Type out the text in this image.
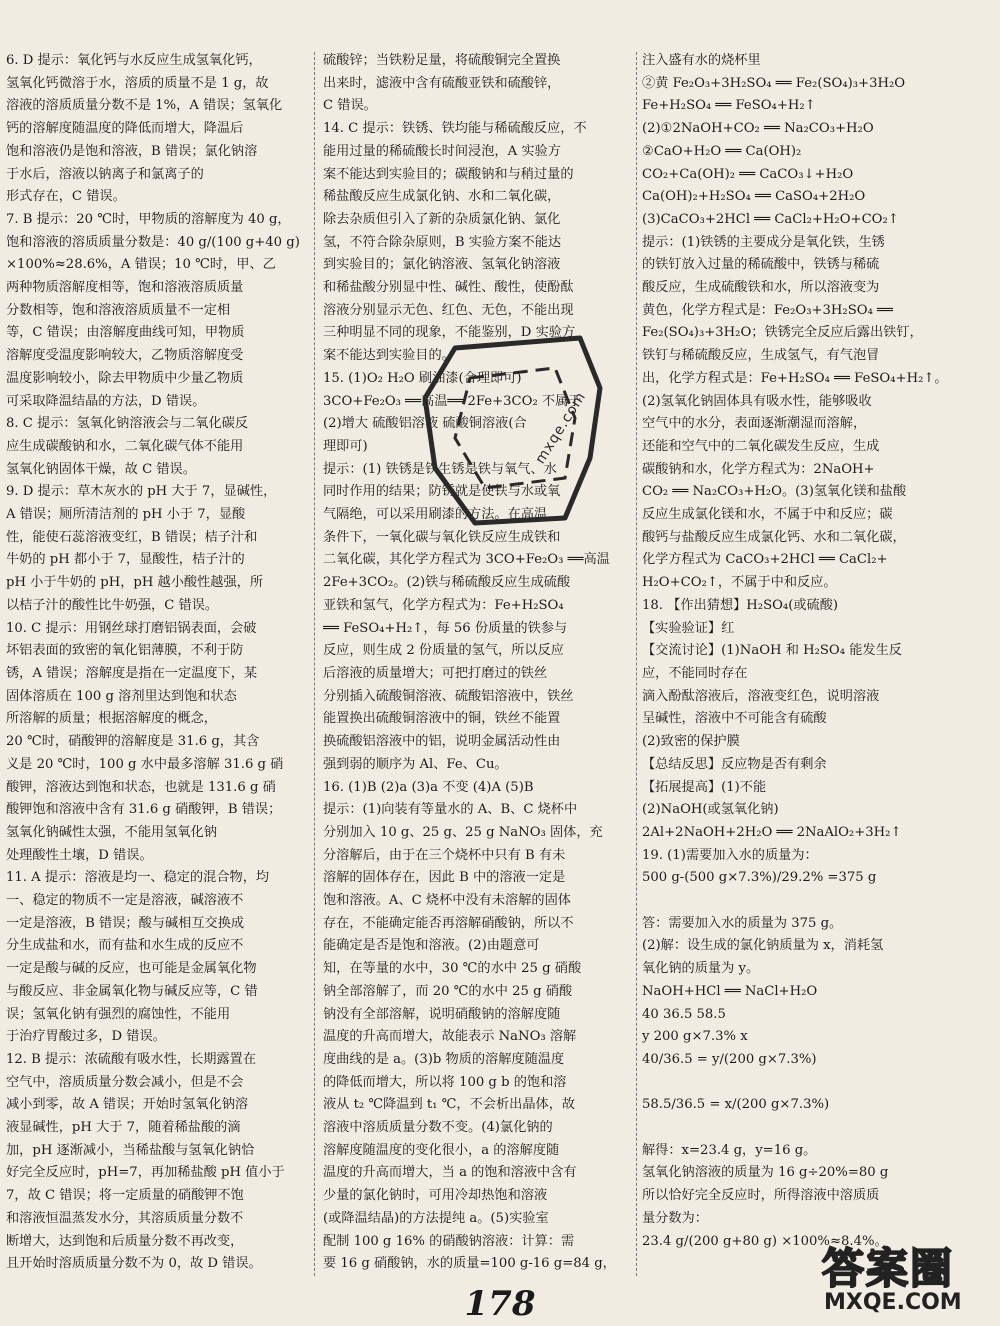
6. D 提示：氧化钙与水反应生成氢氧化钙，
氢氧化钙微溶于水，溶质的质量不是 1 g，故
溶液的溶质质量分数不是 1%，A 错误；氢氧化
钙的溶解度随温度的降低而增大，降温后
饱和溶液仍是饱和溶液，B 错误；氯化钠溶
于水后，溶液以钠离子和氯离子的
形式存在，C 错误。
7. B 提示：20 ℃时，甲物质的溶解度为 40 g，
饱和溶液的溶质质量分数是：40 g/(100 g+40 g)
×100%≈28.6%，A 错误；10 ℃时，甲、乙
两种物质溶解度相等，饱和溶液溶质质量
分数相等，饱和溶液溶质质量不一定相
等，C 错误；由溶解度曲线可知，甲物质
溶解度受温度影响较大，乙物质溶解度受
温度影响较小，除去甲物质中少量乙物质
可采取降温结晶的方法，D 错误。
8. C 提示：氢氧化钠溶液会与二氧化碳反
应生成碳酸钠和水，二氧化碳气体不能用
氢氧化钠固体干燥，故 C 错误。
9. D 提示：草木灰水的 pH 大于 7，显碱性，
A 错误；厕所清洁剂的 pH 小于 7，显酸
性，能使石蕊溶液变红，B 错误；桔子汁和
牛奶的 pH 都小于 7，显酸性，桔子汁的
pH 小于牛奶的 pH，pH 越小酸性越强，所
以桔子汁的酸性比牛奶强，C 错误。
10. C 提示：用钢丝球打磨铝锅表面，会破
坏铝表面的致密的氧化铝薄膜，不利于防
锈，A 错误；溶解度是指在一定温度下，某
固体溶质在 100 g 溶剂里达到饱和状态
所溶解的质量；根据溶解度的概念，
20 ℃时，硝酸钾的溶解度是 31.6 g，其含
义是 20 ℃时，100 g 水中最多溶解 31.6 g 硝
酸钾，溶液达到饱和状态，也就是 131.6 g 硝
酸钾饱和溶液中含有 31.6 g 硝酸钾，B 错误；
氢氧化钠碱性太强，不能用氢氧化钠
处理酸性土壤，D 错误。
11. A 提示：溶液是均一、稳定的混合物，均
一、稳定的物质不一定是溶液，碱溶液不
一定是溶液，B 错误；酸与碱相互交换成
分生成盐和水，而有盐和水生成的反应不
一定是酸与碱的反应，也可能是金属氧化物
与酸反应、非金属氧化物与碱反应等，C 错
误；氢氧化钠有强烈的腐蚀性，不能用
于治疗胃酸过多，D 错误。
12. B 提示：浓硫酸有吸水性，长期露置在
空气中，溶质质量分数会减小，但是不会
减小到零，故 A 错误；开始时氢氧化钠溶
液显碱性，pH 大于 7，随着稀盐酸的滴
加，pH 逐渐减小，当稀盐酸与氢氧化钠恰
好完全反应时，pH=7，再加稀盐酸 pH 值小于
7，故 C 错误；将一定质量的硝酸钾不饱
和溶液恒温蒸发水分，其溶质质量分数不
断增大，达到饱和后质量分数不再改变，
且开始时溶质质量分数不为 0，故 D 错误。
硫酸锌；当铁粉足量，将硫酸铜完全置换
出来时，滤液中含有硫酸亚铁和硫酸锌，
C 错误。
14. C 提示：铁锈、铁均能与稀硫酸反应，不
能用过量的稀硫酸长时间浸泡，A 实验方
案不能达到实验目的；碳酸钠和与稍过量的
稀盐酸反应生成氯化钠、水和二氧化碳，
除去杂质但引入了新的杂质氯化钠、氯化
氢，不符合除杂原则，B 实验方案不能达
到实验目的；氯化钠溶液、氢氧化钠溶液
和稀盐酸分别显中性、碱性、酸性，使酚酞
溶液分别显示无色、红色、无色，不能出现
三种明显不同的现象，不能鉴别，D 实验方
案不能达到实验目的。
15. (1)O₂ H₂O 刷油漆(合理即可)
3CO+Fe₂O₃ ══高温══ 2Fe+3CO₂ 不属于
(2)增大 硫酸铝溶液 硫酸铜溶液(合
理即可)
提示：(1) 铁锈是铁生锈是铁与氧气、水
同时作用的结果；防锈就是使铁与水或氧
气隔绝，可以采用刷漆的方法。在高温
条件下，一氧化碳与氧化铁反应生成铁和
二氧化碳，其化学方程式为 3CO+Fe₂O₃ ══高温
2Fe+3CO₂。(2)铁与稀硫酸反应生成硫酸
亚铁和氢气，化学方程式为：Fe+H₂SO₄
══ FeSO₄+H₂↑，每 56 份质量的铁参与
反应，则生成 2 份质量的氢气，所以反应
后溶液的质量增大；可把打磨过的铁丝
分别插入硫酸铜溶液、硫酸铝溶液中，铁丝
能置换出硫酸铜溶液中的铜，铁丝不能置
换硫酸铝溶液中的铝，说明金属活动性由
强到弱的顺序为 Al、Fe、Cu。
16. (1)B (2)a (3)a 不变 (4)A (5)B
提示：(1)向装有等量水的 A、B、C 烧杯中
分别加入 10 g、25 g、25 g NaNO₃ 固体，充
分溶解后，由于在三个烧杯中只有 B 有未
溶解的固体存在，因此 B 中的溶液一定是
饱和溶液。A、C 烧杯中没有未溶解的固体
存在，不能确定能否再溶解硝酸钠，所以不
能确定是否是饱和溶液。(2)由题意可
知，在等量的水中，30 ℃的水中 25 g 硝酸
钠全部溶解了，而 20 ℃的水中 25 g 硝酸
钠没有全部溶解，说明硝酸钠的溶解度随
温度的升高而增大，故能表示 NaNO₃ 溶解
度曲线的是 a。(3)b 物质的溶解度随温度
的降低而增大，所以将 100 g b 的饱和溶
液从 t₂ ℃降温到 t₁ ℃，不会析出晶体，故
溶液中溶质质量分数不变。(4)氯化钠的
溶解度随温度的变化很小，a 的溶解度随
温度的升高而增大，当 a 的饱和溶液中含有
少量的氯化钠时，可用冷却热饱和溶液
(或降温结晶)的方法提纯 a。(5)实验室
配制 100 g 16% 的硝酸钠溶液：计算：需
要 16 g 硝酸钠，水的质量=100 g-16 g=84 g，
注入盛有水的烧杯里
②黄 Fe₂O₃+3H₂SO₄ ══ Fe₂(SO₄)₃+3H₂O
Fe+H₂SO₄ ══ FeSO₄+H₂↑
(2)①2NaOH+CO₂ ══ Na₂CO₃+H₂O
②CaO+H₂O ══ Ca(OH)₂
CO₂+Ca(OH)₂ ══ CaCO₃↓+H₂O
Ca(OH)₂+H₂SO₄ ══ CaSO₄+2H₂O
(3)CaCO₃+2HCl ══ CaCl₂+H₂O+CO₂↑
提示：(1)铁锈的主要成分是氧化铁，生锈
的铁钉放入过量的稀硫酸中，铁锈与稀硫
酸反应，生成硫酸铁和水，所以溶液变为
黄色，化学方程式是：Fe₂O₃+3H₂SO₄ ══
Fe₂(SO₄)₃+3H₂O；铁锈完全反应后露出铁钉，
铁钉与稀硫酸反应，生成氢气，有气泡冒
出，化学方程式是：Fe+H₂SO₄ ══ FeSO₄+H₂↑。
(2)氢氧化钠固体具有吸水性，能够吸收
空气中的水分，表面逐渐潮湿而溶解，
还能和空气中的二氧化碳发生反应，生成
碳酸钠和水，化学方程式为：2NaOH+
CO₂ ══ Na₂CO₃+H₂O。(3)氢氧化镁和盐酸
反应生成氯化镁和水，不属于中和反应；碳
酸钙与盐酸反应生成氯化钙、水和二氧化碳，
化学方程式为 CaCO₃+2HCl ══ CaCl₂+
H₂O+CO₂↑，不属于中和反应。
18. 【作出猜想】H₂SO₄(或硫酸)
【实验验证】红
【交流讨论】(1)NaOH 和 H₂SO₄ 能发生反
应，不能同时存在
滴入酚酞溶液后，溶液变红色，说明溶液
呈碱性，溶液中不可能含有硫酸
(2)致密的保护膜
【总结反思】反应物是否有剩余
【拓展提高】(1)不能
(2)NaOH(或氢氧化钠)
2Al+2NaOH+2H₂O ══ 2NaAlO₂+3H₂↑
19. (1)需要加入水的质量为：
500 g-(500 g×7.3%)/29.2% =375 g

答：需要加入水的质量为 375 g。
(2)解：设生成的氯化钠质量为 x，消耗氢
氧化钠的质量为 y。
NaOH+HCl ══ NaCl+H₂O
40 36.5 58.5
y 200 g×7.3% x
40/36.5 = y/(200 g×7.3%)

58.5/36.5 = x/(200 g×7.3%)

解得：x=23.4 g，y=16 g。
氢氧化钠溶液的质量为 16 g÷20%=80 g
所以恰好完全反应时，所得溶液中溶质质
量分数为：
23.4 g/(200 g+80 g) ×100%≈8.4%。

mxqe.com
178
答案圈
MXQE.COM
